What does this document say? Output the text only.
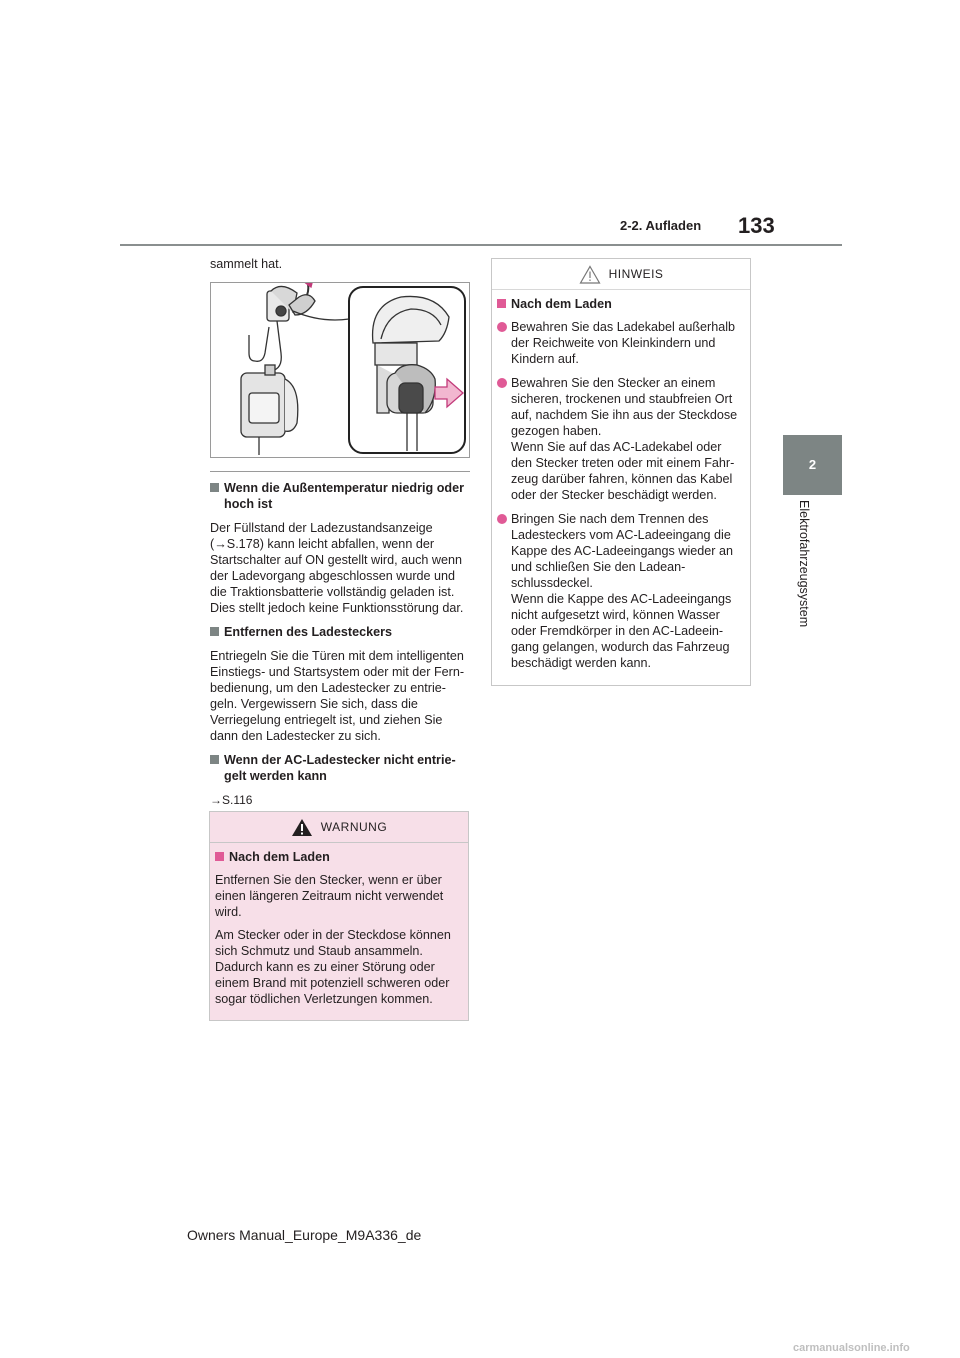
2-2. Aufladen 133
2
Elektrofahrzeugsystem

sammelt hat.

Wenn die Außentemperatur niedrig oder hoch ist

Der Füllstand der Ladezustandsanzeige (→S.178) kann leicht abfallen, wenn der Startschalter auf ON gestellt wird, auch wenn der Ladevorgang abgeschlossen wurde und die Traktionsbatterie vollständig geladen ist. Dies stellt jedoch keine Funktionsstörung dar.

Entfernen des Ladesteckers

Entriegeln Sie die Türen mit dem intelligenten Einstiegs- und Startsystem oder mit der Fern-bedienung, um den Ladestecker zu entrie-geln. Vergewissern Sie sich, dass die Verriegelung entriegelt ist, und ziehen Sie dann den Ladestecker zu sich.

Wenn der AC-Ladestecker nicht entrie-gelt werden kann

→S.116

WARNUNG

Nach dem Laden

Entfernen Sie den Stecker, wenn er über einen längeren Zeitraum nicht verwendet wird.

Am Stecker oder in der Steckdose können sich Schmutz und Staub ansammeln. Dadurch kann es zu einer Störung oder einem Brand mit potenziell schweren oder sogar tödlichen Verletzungen kommen.

HINWEIS

Nach dem Laden

Bewahren Sie das Ladekabel außerhalb der Reichweite von Kleinkindern und Kindern auf.
Bewahren Sie den Stecker an einem sicheren, trockenen und staubfreien Ort auf, nachdem Sie ihn aus der Steckdose gezogen haben.
Wenn Sie auf das AC-Ladekabel oder den Stecker treten oder mit einem Fahr-zeug darüber fahren, können das Kabel oder der Stecker beschädigt werden.
Bringen Sie nach dem Trennen des Ladesteckers vom AC-Ladeeingang die Kappe des AC-Ladeeingangs wieder an und schließen Sie den Ladean-schlussdeckel.
Wenn die Kappe des AC-Ladeeingangs nicht aufgesetzt wird, können Wasser oder Fremdkörper in den AC-Ladeein-gang gelangen, wodurch das Fahrzeug beschädigt werden kann.
Owners Manual_Europe_M9A336_de
carmanualsonline.info
